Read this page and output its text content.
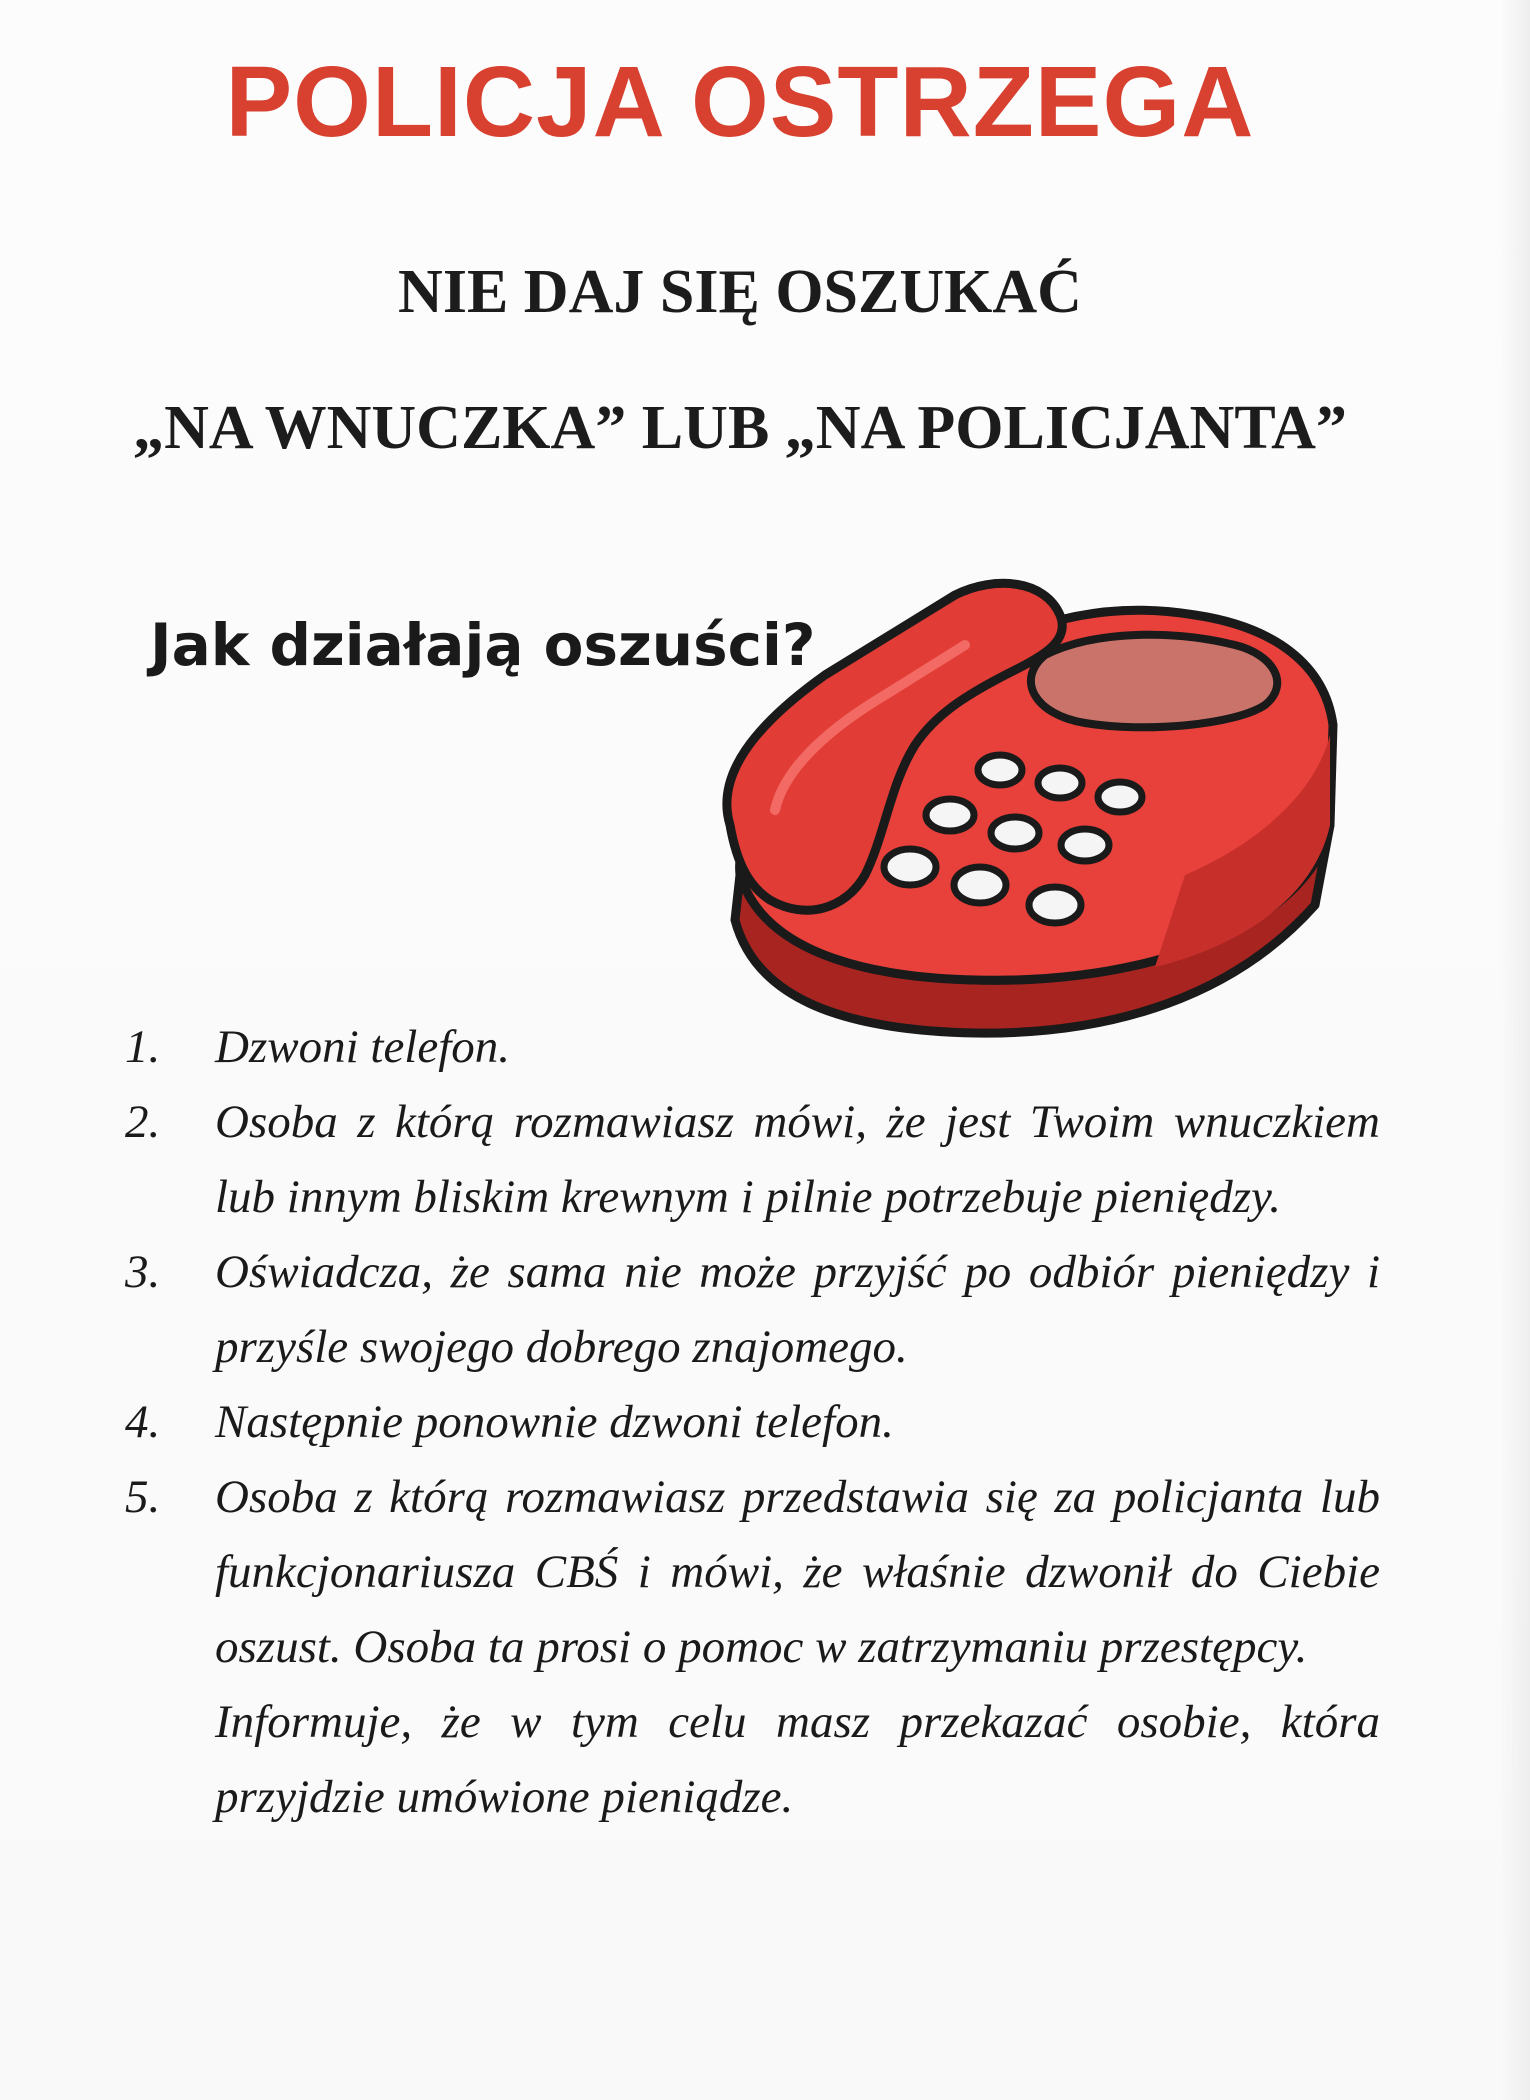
POLICJA OSTRZEGA
NIE DAJ SIĘ OSZUKAĆ
„NA WNUCZKA” LUB „NA POLICJANTA”
Jak działają oszuści?
1. Dzwoni telefon.
2. Osoba z którą rozmawiasz mówi, że jest Twoim wnuczkiem lub innym bliskim krewnym i pilnie potrzebuje pieniędzy.
3. Oświadcza, że sama nie może przyjść po odbiór pieniędzy i przyśle swojego dobrego znajomego.
4. Następnie ponownie dzwoni telefon.
5. Osoba z którą rozmawiasz przedstawia się za policjanta lub funkcjonariusza CBŚ i mówi, że właśnie dzwonił do Ciebie oszust. Osoba ta prosi o pomoc w zatrzymaniu przestępcy.
Informuje, że w tym celu masz przekazać osobie, która przyjdzie umówione pieniądze.
